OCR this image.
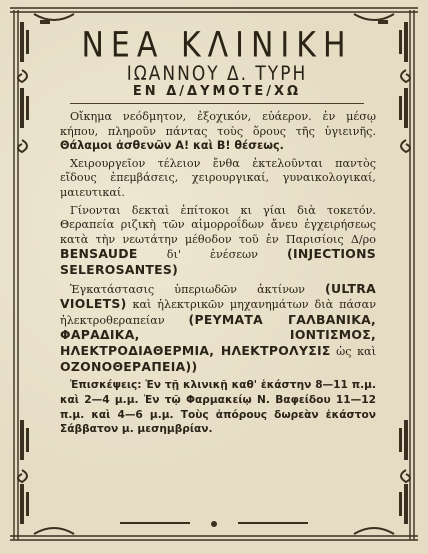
ΝΕΑ ΚΛΙΝΙΚΗ
ΙΩΑΝΝΟΥ Δ. ΤΥΡΗ
ΕΝ Δ/ΔΥΜΟΤΕ/ΧΩ

Οἴκημα νεόδμητον, ἐξοχικόν, εὐάερον. ἐν μέσῳ κήπου, πληροῦν πάντας τοὺς ὅρους τῆς ὑγιεινῆς. Θάλαμοι ἀσθενῶν Α! καὶ Β! θέσεως.

Χειρουργεῖον τέλειον ἔνθα ἐκτελοῦνται παντὸς εἴδους ἐπεμβάσεις, χειρουργικαί, γυναικολογικαί, μαιευτικαί.

Γίνονται δεκταὶ ἐπίτοκοι κι γίαι διὰ τοκετόν. Θεραπεία ριζικὴ τῶν αἱμορροΐδων ἄνευ ἐγχειρήσεως κατὰ τὴν νεωτάτην μέθοδον τοῦ ἐν Παρισίοις Δ/ρο BENSAUDE	δι' ἐνέσεων (INJECTIONS SELEROSANTES)

Ἐγκατάστασις ὑπεριωδῶν ἀκτίνων (ULTRA VIOLETS) καὶ ἠλεκτρικῶν μηχανημάτων διὰ πάσαν ἠλεκτροθεραπείαν (ΡΕΥΜΑΤΑ ΓΑΛΒΑΝΙΚΑ, ΦΑΡΑΔΙΚΑ, ΙΟΝΤΙΣΜΟΣ, ΗΛΕΚΤΡΟΔΙΑΘΕΡΜΙΑ, ΗΛΕΚΤΡΟΛΥΣΙΣ ὡς καὶ ΟΖΟΝΟΘΕΡΑΠΕΙΑ))

Ἐπισκέψεις: Ἐν τῇ κλινικῇ καθ' ἑκάστην 8—11 π.μ. καὶ 2—4 μ.μ. Ἐν τῷ Φαρμακείῳ Ν. Βαφείδου 11—12 π.μ. καὶ 4—6 μ.μ. Τοὺς ἀπόρους δωρεὰν ἑκάστον Σάββατον μ. μεσημβρίαν.
